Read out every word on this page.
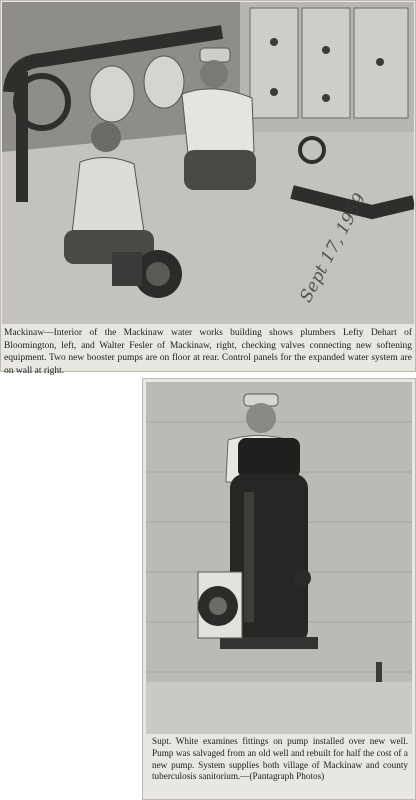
Sept 17, 1959

Mackinaw—Interior of the Mackinaw water works building shows plumbers Lefty Dehart of Bloomington, left, and Walter Fesler of Mackinaw, right, checking valves connecting new softening equipment. Two new booster pumps are on floor at rear. Control panels for the expanded water system are on wall at right.

Supt. White examines fittings on pump installed over new well. Pump was salvaged from an old well and rebuilt for half the cost of a new pump. System supplies both village of Mackinaw and county tuberculosis sanitorium.—(Pantagraph Photos)
